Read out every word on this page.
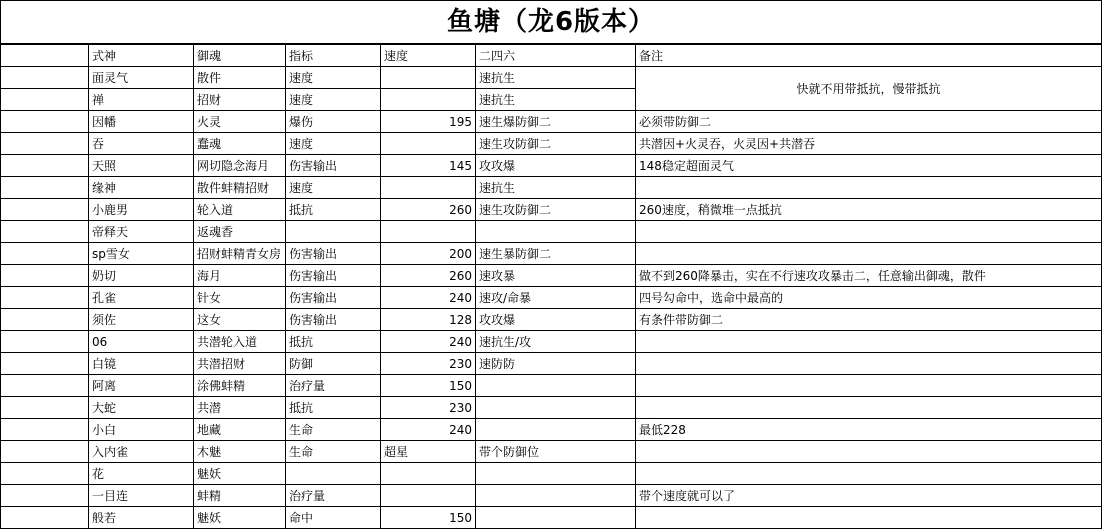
鱼塘（龙6版本）
	式神	御魂	指标	速度	二四六	备注
	面灵气	散件	速度		速抗生	快就不用带抵抗，慢带抵抗
	禅	招财	速度		速抗生	
	因幡	火灵	爆伤	195	速生爆防御二	必须带防御二
	吞	蠢魂	速度		速生攻防御二	共潜因+火灵吞，火灵因+共潜吞
	天照	网切隐念海月	伤害输出	145	攻攻爆	148稳定超面灵气
	缘神	散件蚌精招财	速度		速抗生	
	小鹿男	轮入道	抵抗	260	速生攻防御二	260速度，稍微堆一点抵抗
	帝释天	返魂香				
	sp雪女	招财蚌精青女房	伤害输出	200	速生暴防御二	
	奶切	海月	伤害输出	260	速攻暴	做不到260降暴击，实在不行速攻攻暴击二，任意输出御魂，散件
	孔雀	针女	伤害输出	240	速攻/命暴	四号勾命中，选命中最高的
	须佐	这女	伤害输出	128	攻攻爆	有条件带防御二
	06	共潜轮入道	抵抗	240	速抗生/攻	
	白镜	共潜招财	防御	230	速防防	
	阿离	涂佛蚌精	治疗量	150		
	大蛇	共潜	抵抗	230		
	小白	地藏	生命	240		最低228
	入内雀	木魅	生命	超星	带个防御位	
	花	魅妖				
	一目连	蚌精	治疗量			带个速度就可以了
	般若	魅妖	命中	150		
